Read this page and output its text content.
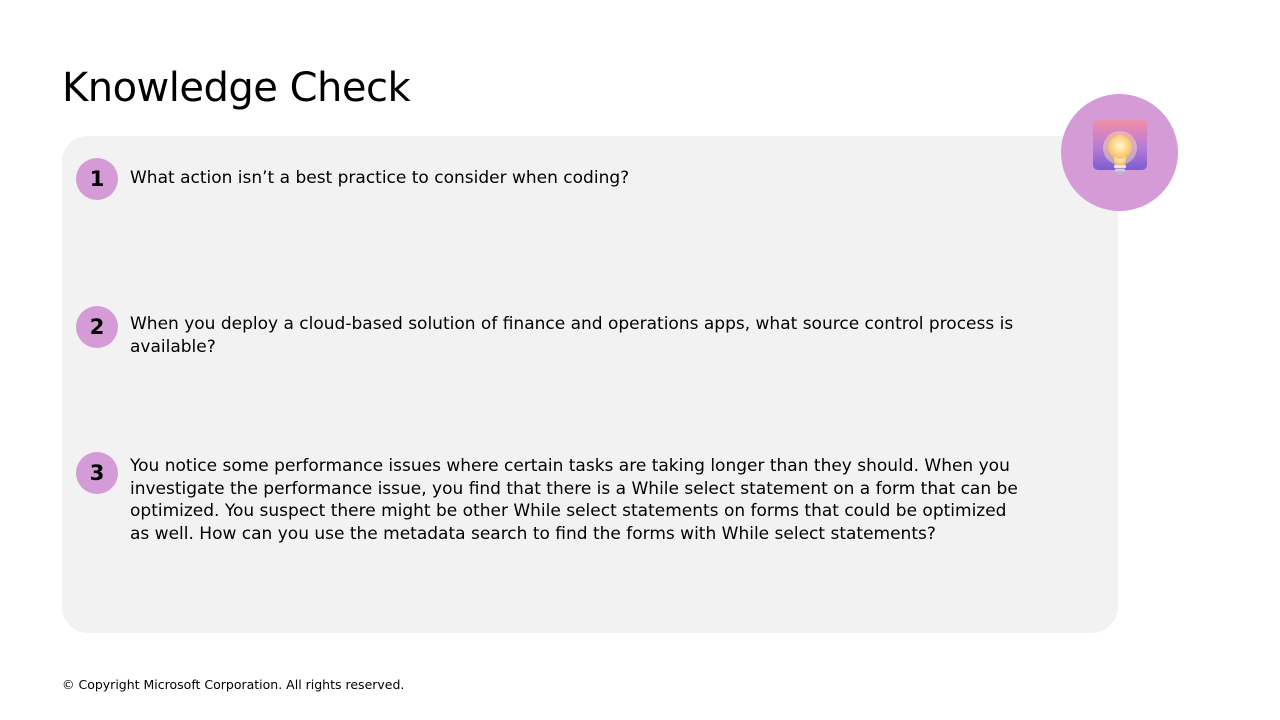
Knowledge Check
1	What action isn’t a best practice to consider when coding?

2	When you deploy a cloud-based solution of finance and operations apps, what source control process is available?

3	You notice some performance issues where certain tasks are taking longer than they should. When you investigate the performance issue, you find that there is a While select statement on a form that can be optimized. You suspect there might be other While select statements on forms that could be optimized as well. How can you use the metadata search to find the forms with While select statements?

© Copyright Microsoft Corporation. All rights reserved.
